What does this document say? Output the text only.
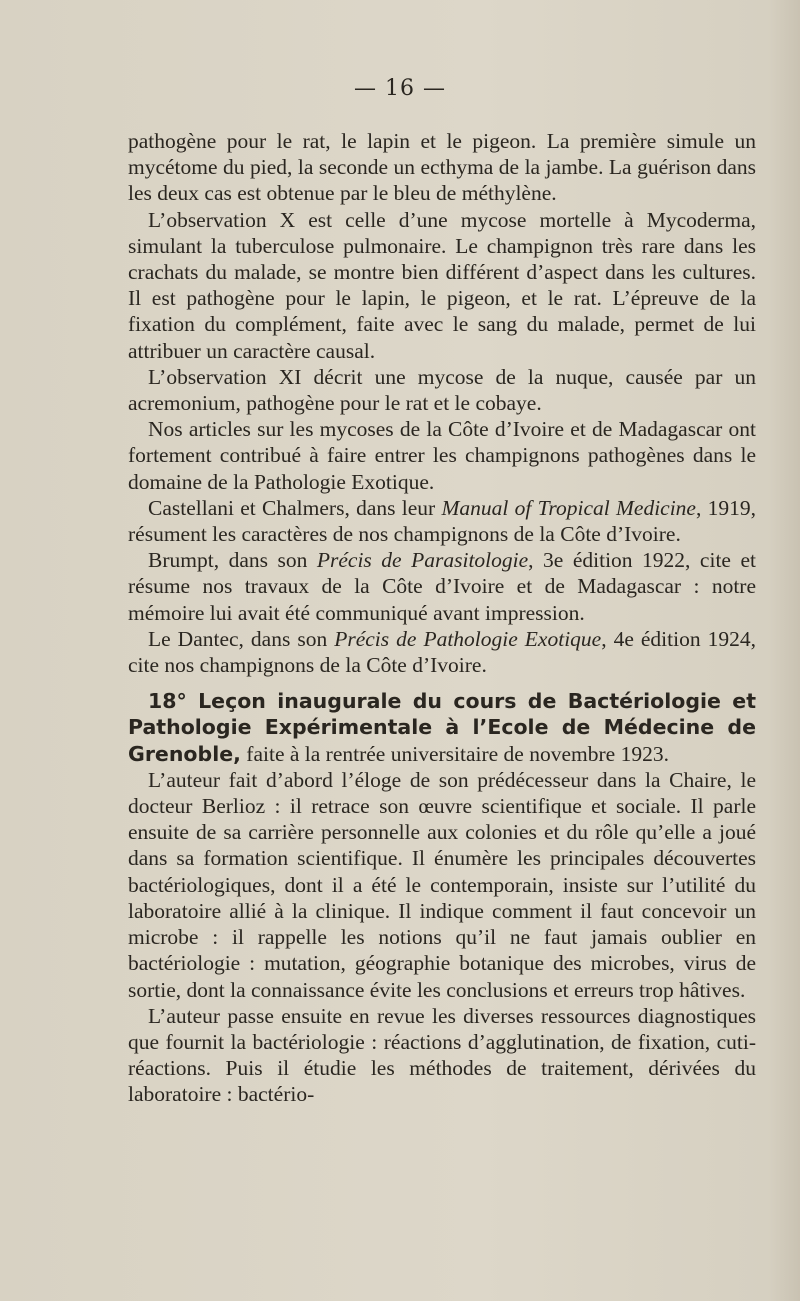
— 16 —

pathogène pour le rat, le lapin et le pigeon. La première simule un mycétome du pied, la seconde un ecthyma de la jambe. La guérison dans les deux cas est obtenue par le bleu de méthylène.

L’observation X est celle d’une mycose mortelle à Mycoderma, simulant la tuberculose pulmonaire. Le champignon très rare dans les crachats du malade, se montre bien différent d’aspect dans les cultures. Il est pathogène pour le lapin, le pigeon, et le rat. L’épreuve de la fixation du complément, faite avec le sang du malade, permet de lui attribuer un caractère causal.

L’observation XI décrit une mycose de la nuque, causée par un acremonium, pathogène pour le rat et le cobaye.

Nos articles sur les mycoses de la Côte d’Ivoire et de Madagascar ont fortement contribué à faire entrer les champignons pathogènes dans le domaine de la Pathologie Exotique.

Castellani et Chalmers, dans leur Manual of Tropical Medicine, 1919, résument les caractères de nos champignons de la Côte d’Ivoire.

Brumpt, dans son Précis de Parasitologie, 3e édition 1922, cite et résume nos travaux de la Côte d’Ivoire et de Madagascar : notre mémoire lui avait été communiqué avant impression.

Le Dantec, dans son Précis de Pathologie Exotique, 4e édition 1924, cite nos champignons de la Côte d’Ivoire.

18° Leçon inaugurale du cours de Bactériologie et Pathologie Expérimentale à l’Ecole de Médecine de Grenoble, faite à la rentrée universitaire de novembre 1923.

L’auteur fait d’abord l’éloge de son prédécesseur dans la Chaire, le docteur Berlioz : il retrace son œuvre scientifique et sociale. Il parle ensuite de sa carrière personnelle aux colonies et du rôle qu’elle a joué dans sa formation scientifique. Il énumère les principales découvertes bactériologiques, dont il a été le contemporain, insiste sur l’utilité du laboratoire allié à la clinique. Il indique comment il faut concevoir un microbe : il rappelle les notions qu’il ne faut jamais oublier en bactériologie : mutation, géographie botanique des microbes, virus de sortie, dont la connaissance évite les conclusions et erreurs trop hâtives.

L’auteur passe ensuite en revue les diverses ressources diagnostiques que fournit la bactériologie : réactions d’agglutination, de fixation, cuti-réactions. Puis il étudie les méthodes de traitement, dérivées du laboratoire : bactério-
